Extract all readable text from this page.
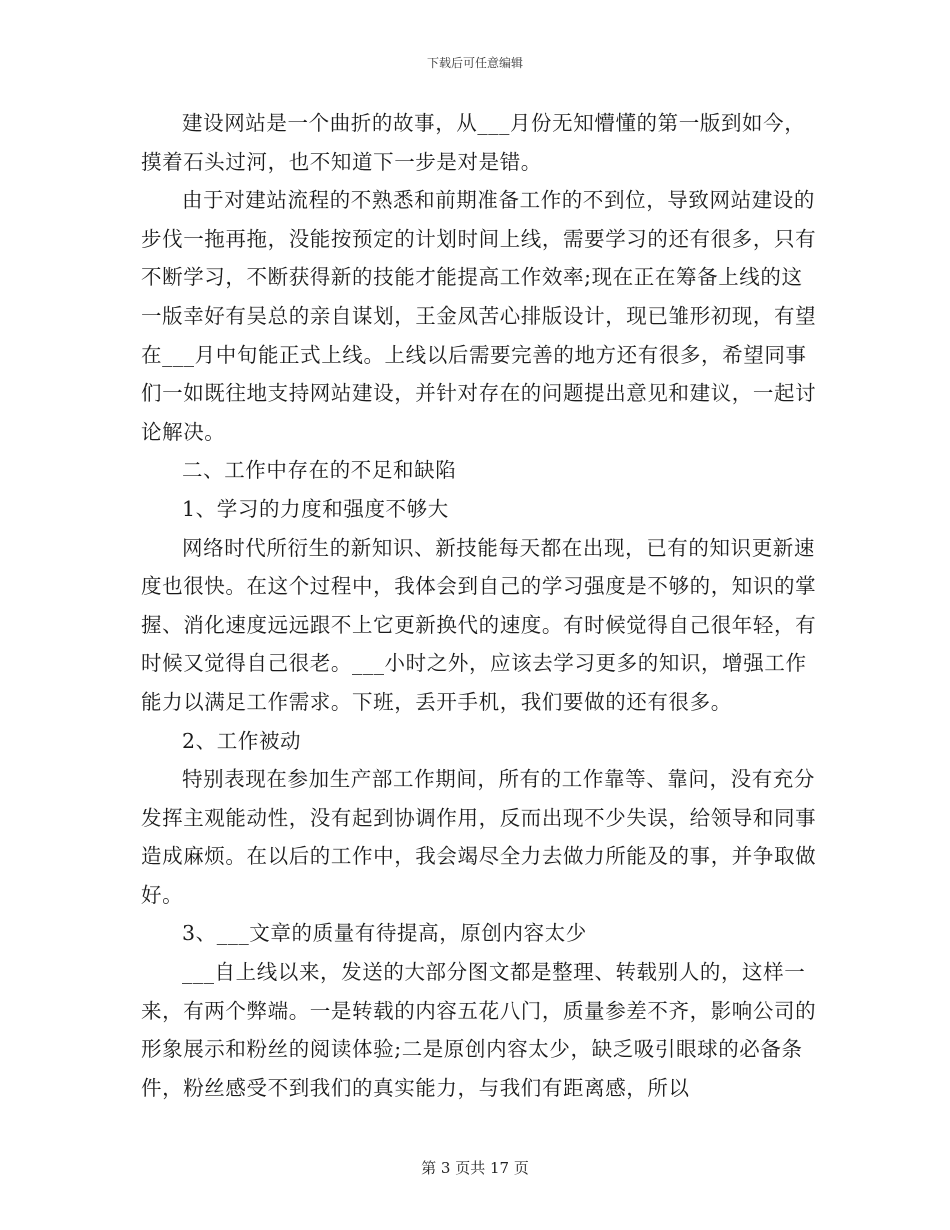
下载后可任意编辑

建设网站是一个曲折的故事，从___月份无知懵懂的第一版到如今，摸着石头过河，也不知道下一步是对是错。

由于对建站流程的不熟悉和前期准备工作的不到位，导致网站建设的步伐一拖再拖，没能按预定的计划时间上线，需要学习的还有很多，只有不断学习，不断获得新的技能才能提高工作效率;现在正在筹备上线的这一版幸好有吴总的亲自谋划，王金凤苦心排版设计，现已雏形初现，有望在___月中旬能正式上线。上线以后需要完善的地方还有很多，希望同事们一如既往地支持网站建设，并针对存在的问题提出意见和建议，一起讨论解决。

二、工作中存在的不足和缺陷

1、学习的力度和强度不够大

网络时代所衍生的新知识、新技能每天都在出现，已有的知识更新速度也很快。在这个过程中，我体会到自己的学习强度是不够的，知识的掌握、消化速度远远跟不上它更新换代的速度。有时候觉得自己很年轻，有时候又觉得自己很老。___小时之外，应该去学习更多的知识，增强工作能力以满足工作需求。下班，丢开手机，我们要做的还有很多。

2、工作被动

特别表现在参加生产部工作期间，所有的工作靠等、靠问，没有充分发挥主观能动性，没有起到协调作用，反而出现不少失误，给领导和同事造成麻烦。在以后的工作中，我会竭尽全力去做力所能及的事，并争取做好。

3、___文章的质量有待提高，原创内容太少

___自上线以来，发送的大部分图文都是整理、转载别人的，这样一来，有两个弊端。一是转载的内容五花八门，质量参差不齐，影响公司的形象展示和粉丝的阅读体验;二是原创内容太少，缺乏吸引眼球的必备条件，粉丝感受不到我们的真实能力，与我们有距离感，所以

第 3 页共 17 页
